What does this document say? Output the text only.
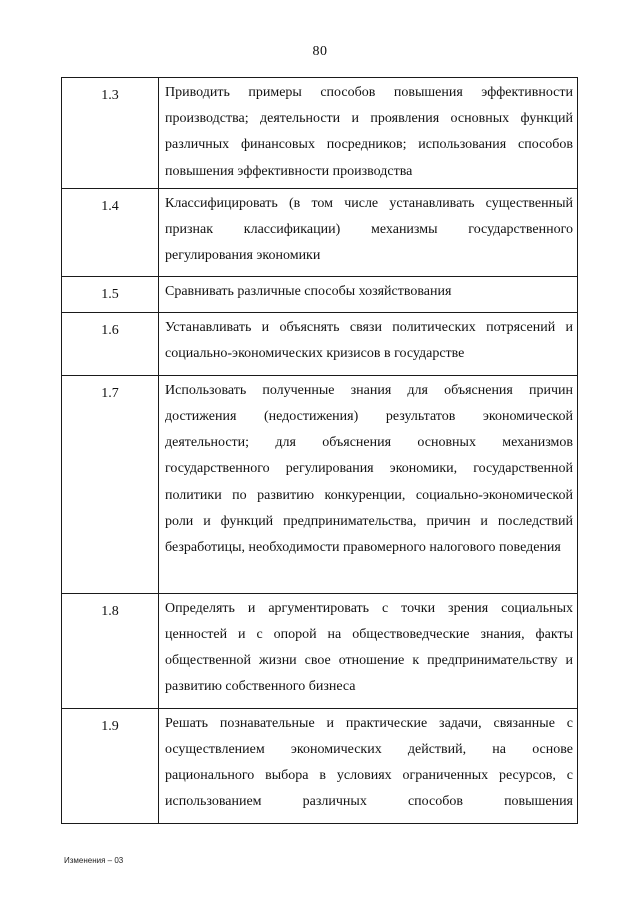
80
1.3	Приводить примеры способов повышения эффективности производства; деятельности и проявления основных функций различных финансовых посредников; использования способов повышения эффективности производства
1.4	Классифицировать (в том числе устанавливать существенный признак классификации) механизмы государственного регулирования экономики
1.5	Сравнивать различные способы хозяйствования
1.6	Устанавливать и объяснять связи политических потрясений и социально-экономических кризисов в государстве
1.7	Использовать полученные знания для объяснения причин достижения (недостижения) результатов экономической деятельности; для объяснения основных механизмов государственного регулирования экономики, государственной политики по развитию конкуренции, социально-экономической роли и функций предпринимательства, причин и последствий безработицы, необходимости правомерного налогового поведения
1.8	Определять и аргументировать с точки зрения социальных ценностей и с опорой на обществоведческие знания, факты общественной жизни свое отношение к предпринимательству и развитию собственного бизнеса
1.9	Решать познавательные и практические задачи, связанные с осуществлением экономических действий, на основе рационального выбора в условиях ограниченных ресурсов, с использованием различных способов повышения
Изменения – 03
